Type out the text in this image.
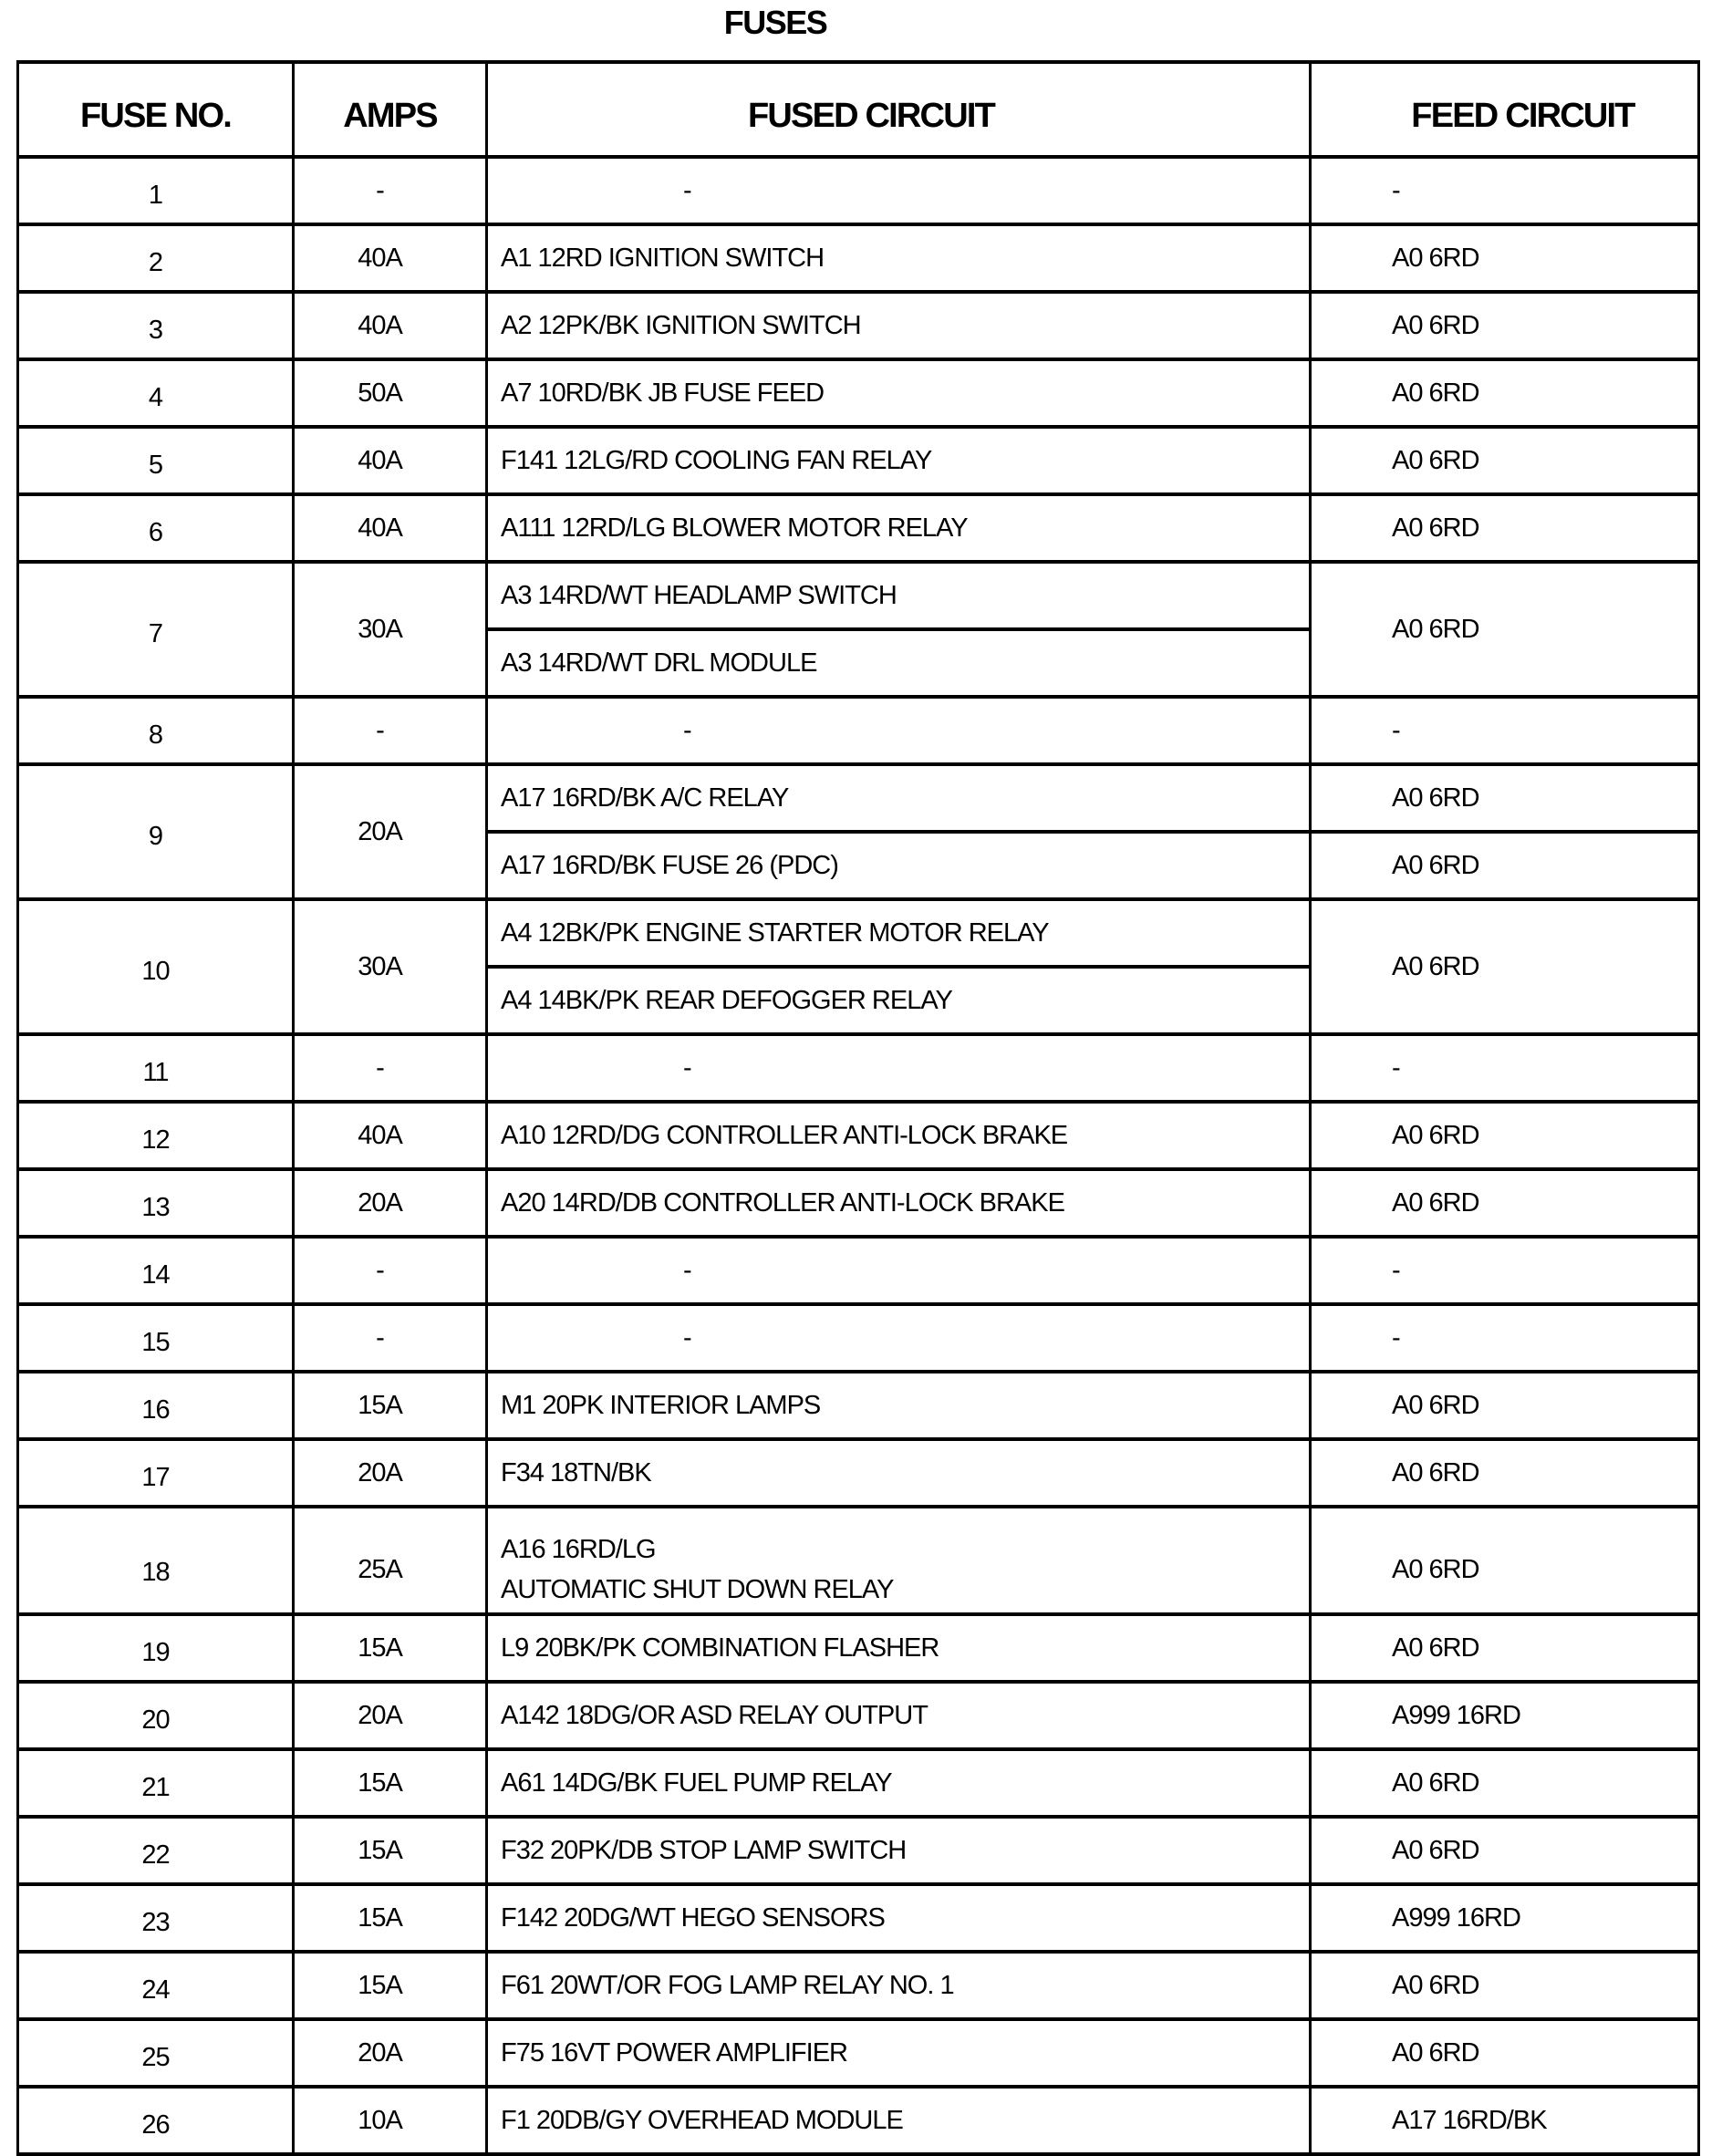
FUSES
FUSE NO.	AMPS	FUSED CIRCUIT	FEED CIRCUIT
1	-	-	-
2	40A	A1 12RD IGNITION SWITCH	A0 6RD
3	40A	A2 12PK/BK IGNITION SWITCH	A0 6RD
4	50A	A7 10RD/BK JB FUSE FEED	A0 6RD
5	40A	F141 12LG/RD COOLING FAN RELAY	A0 6RD
6	40A	A111 12RD/LG BLOWER MOTOR RELAY	A0 6RD
7	30A	A3 14RD/WT HEADLAMP SWITCH	A0 6RD
		A3 14RD/WT DRL MODULE	
8	-	-	-
9	20A	A17 16RD/BK A/C RELAY	A0 6RD
		A17 16RD/BK FUSE 26 (PDC)	A0 6RD
10	30A	A4 12BK/PK ENGINE STARTER MOTOR RELAY	A0 6RD
		A4 14BK/PK REAR DEFOGGER RELAY	
11	-	-	-
12	40A	A10 12RD/DG CONTROLLER ANTI-LOCK BRAKE	A0 6RD
13	20A	A20 14RD/DB CONTROLLER ANTI-LOCK BRAKE	A0 6RD
14	-	-	-
15	-	-	-
16	15A	M1 20PK INTERIOR LAMPS	A0 6RD
17	20A	F34 18TN/BK	A0 6RD
18	25A	A16 16RD/LG
AUTOMATIC SHUT DOWN RELAY	A0 6RD
19	15A	L9 20BK/PK COMBINATION FLASHER	A0 6RD
20	20A	A142 18DG/OR ASD RELAY OUTPUT	A999 16RD
21	15A	A61 14DG/BK FUEL PUMP RELAY	A0 6RD
22	15A	F32 20PK/DB STOP LAMP SWITCH	A0 6RD
23	15A	F142 20DG/WT HEGO SENSORS	A999 16RD
24	15A	F61 20WT/OR FOG LAMP RELAY NO. 1	A0 6RD
25	20A	F75 16VT POWER AMPLIFIER	A0 6RD
26	10A	F1 20DB/GY OVERHEAD MODULE	A17 16RD/BK
